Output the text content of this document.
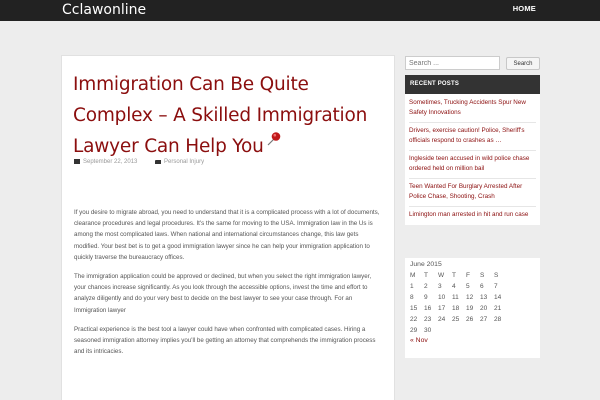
Cclawonline	HOME
Immigration Can Be Quite Complex – A Skilled Immigration Lawyer Can Help You
September 22, 2013	Personal Injury

If you desire to migrate abroad, you need to understand that it is a complicated process with a lot of documents, clearance procedures and legal procedures. It's the same for moving to the USA. Immigration law in the Us is among the most complicated laws. When national and international circumstances change, this law gets modified. Your best bet is to get a good immigration lawyer since he can help your immigration application to quickly traverse the bureaucracy offices.

The immigration application could be approved or declined, but when you select the right immigration lawyer, your chances increase significantly. As you look through the accessible options, invest the time and effort to analyze diligently and do your very best to decide on the best lawyer to see your case through. For an Immigration lawyer

Practical experience is the best tool a lawyer could have when confronted with complicated cases. Hiring a seasoned immigration attorney implies you'll be getting an attorney that comprehends the immigration process and its intricacies.

Search ...
Search
RECENT POSTS
Sometimes, Trucking Accidents Spur New Safety Innovations
Drivers, exercise caution! Police, Sheriff's officials respond to crashes as …
Ingleside teen accused in wild police chase ordered held on million bail
Teen Wanted For Burglary Arrested After Police Chase, Shooting, Crash
Limington man arrested in hit and run case
June 2015
M	T	W	T	F	S	S
1	2	3	4	5	6	7
8	9	10	11	12	13	14
15	16	17	18	19	20	21
22	23	24	25	26	27	28
29	30					
« Nov
